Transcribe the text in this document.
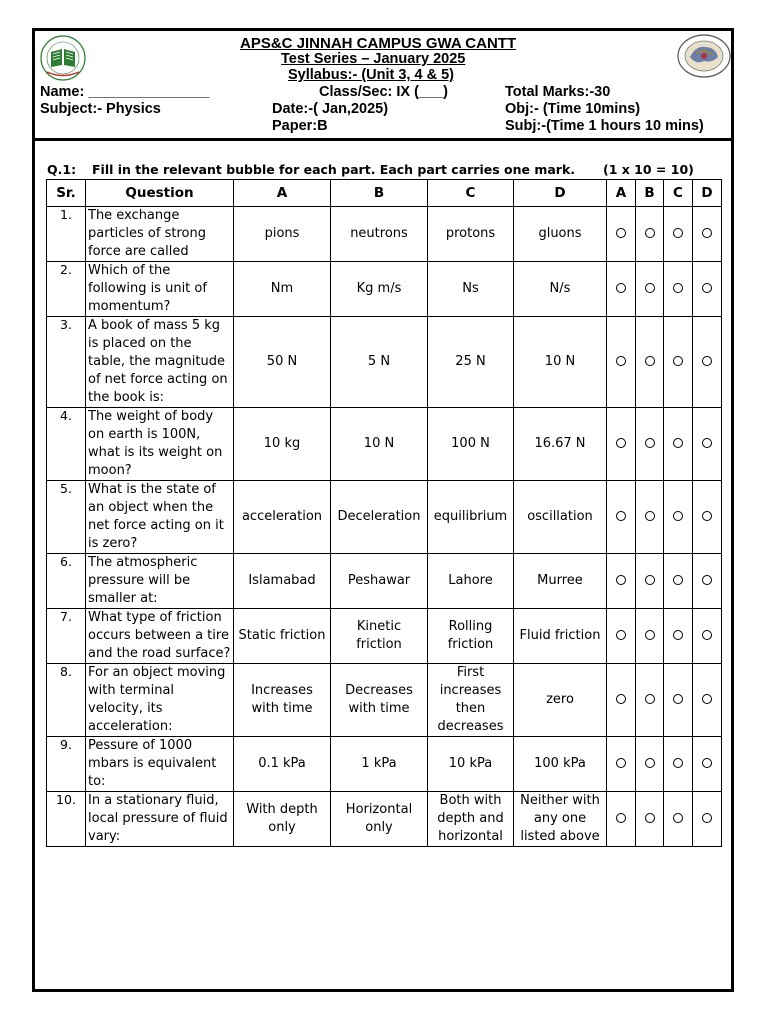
APS&C JINNAH CAMPUS GWA CANTT
Test Series – January 2025
Syllabus:- (Unit 3, 4 & 5)
Name: _______________	Class/Sec: IX (___)	Total Marks:-30
Subject:- Physics	Date:-( Jan,2025)	Obj:- (Time 10mins)
Paper:B	Subj:-(Time 1 hours 10 mins)
Q.1: Fill in the relevant bubble for each part. Each part carries one mark. (1 x 10 = 10)
Sr.	Question	A	B	C	D	A	B	C	D
1.	The exchange particles of strong force are called	pions	neutrons	protons	gluons				
2.	Which of the following is unit of momentum?	Nm	Kg m/s	Ns	N/s				
3.	A book of mass 5 kg is placed on the table, the magnitude of net force acting on the book is:	50 N	5 N	25 N	10 N				
4.	The weight of body on earth is 100N, what is its weight on moon?	10 kg	10 N	100 N	16.67 N				
5.	What is the state of an object when the net force acting on it is zero?	acceleration	Deceleration	equilibrium	oscillation				
6.	The atmospheric pressure will be smaller at:	Islamabad	Peshawar	Lahore	Murree				
7.	What type of friction occurs between a tire and the road surface?	Static friction	Kinetic friction	Rolling friction	Fluid friction				
8.	For an object moving with terminal velocity, its acceleration:	Increases with time	Decreases with time	First increases then decreases	zero				
9.	Pessure of 1000 mbars is equivalent to:	0.1 kPa	1 kPa	10 kPa	100 kPa				
10.	In a stationary fluid, local pressure of fluid vary:	With depth only	Horizontal only	Both with depth and horizontal	Neither with any one listed above				
